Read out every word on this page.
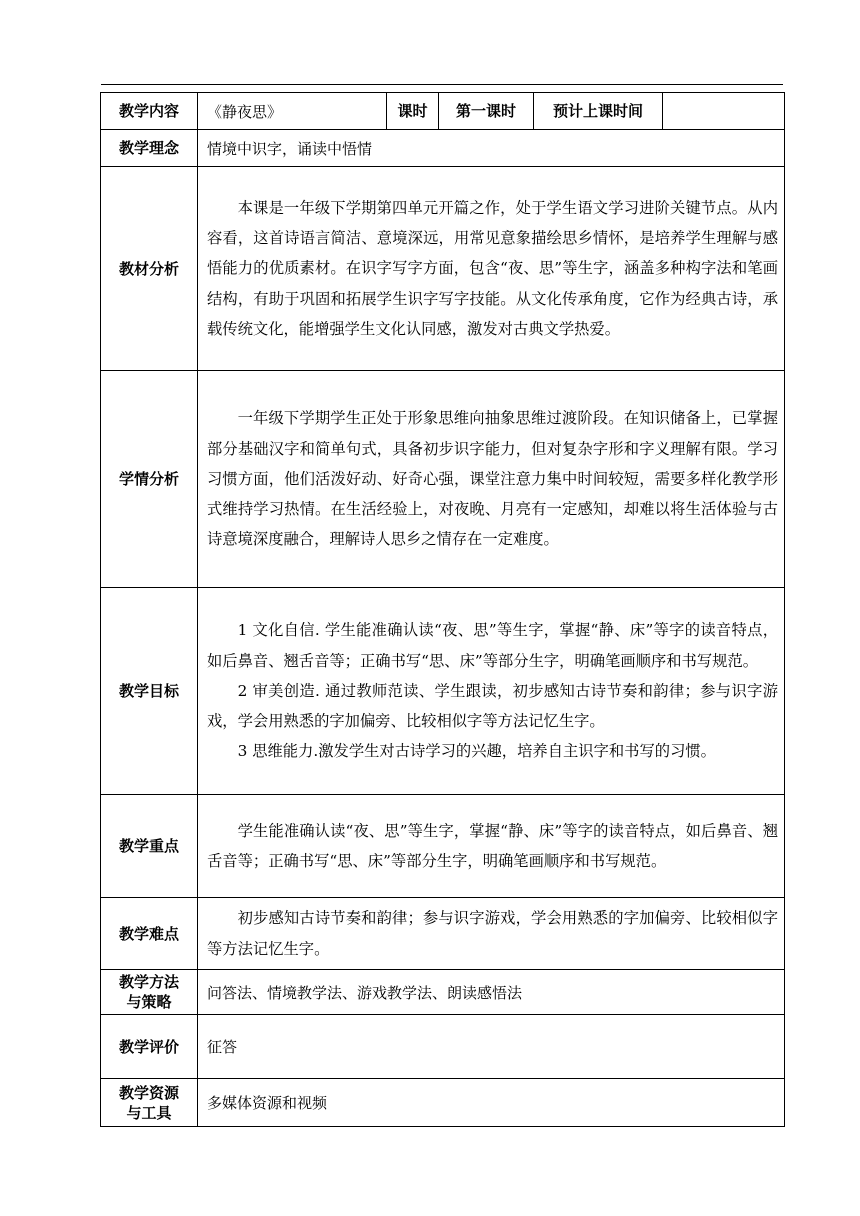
教学内容	《静夜思》	课时	第一课时	预计上课时间	
教学理念	情境中识字，诵读中悟情				
教材分析	本课是一年级下学期第四单元开篇之作，处于学生语文学习进阶关键节点。从内容看，这首诗语言简洁、意境深远，用常见意象描绘思乡情怀，是培养学生理解与感悟能力的优质素材。在识字写字方面，包含“夜、思”等生字，涵盖多种构字法和笔画结构，有助于巩固和拓展学生识字写字技能。从文化传承角度，它作为经典古诗，承载传统文化，能增强学生文化认同感，激发对古典文学热爱。				

学情分析	一年级下学期学生正处于形象思维向抽象思维过渡阶段。在知识储备上，已掌握部分基础汉字和简单句式，具备初步识字能力，但对复杂字形和字义理解有限。学习习惯方面，他们活泼好动、好奇心强，课堂注意力集中时间较短，需要多样化教学形式维持学习热情。在生活经验上，对夜晚、月亮有一定感知，却难以将生活体验与古诗意境深度融合，理解诗人思乡之情存在一定难度。				

教学目标	1 文化自信. 学生能准确认读“夜、思”等生字，掌握“静、床”等字的读音特点，如后鼻音、翘舌音等；正确书写“思、床”等部分生字，明确笔画顺序和书写规范。

2 审美创造. 通过教师范读、学生跟读，初步感知古诗节奏和韵律；参与识字游戏，学会用熟悉的字加偏旁、比较相似字等方法记忆生字。

3 思维能力.激发学生对古诗学习的兴趣，培养自主识字和书写的习惯。				

教学重点	学生能准确认读“夜、思”等生字，掌握“静、床”等字的读音特点，如后鼻音、翘舌音等；正确书写“思、床”等部分生字，明确笔画顺序和书写规范。				

教学难点	初步感知古诗节奏和韵律；参与识字游戏，学会用熟悉的字加偏旁、比较相似字等方法记忆生字。				

教学方法
与策略	问答法、情境教学法、游戏教学法、朗读感悟法				
教学评价	征答				

教学资源
与工具	多媒体资源和视频				
